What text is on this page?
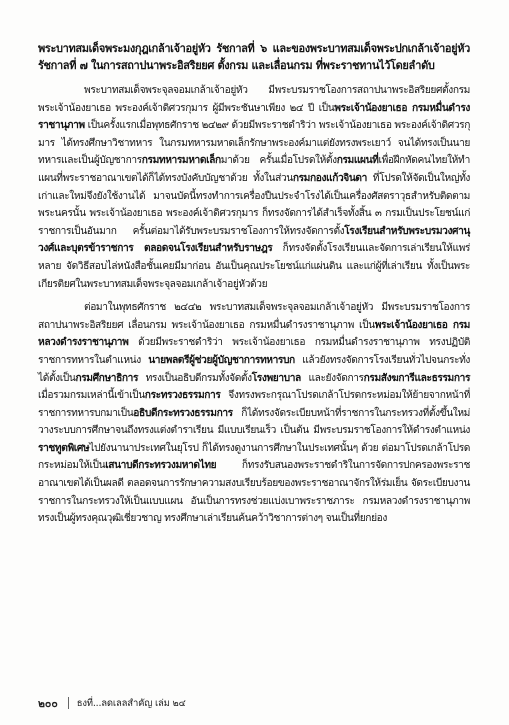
พระบาทสมเด็จพระมงกุฎเกล้าเจ้าอยู่หัว รัชกาลที่ ๖ และของพระบาทสมเด็จพระปกเกล้าเจ้าอยู่หัว รัชกาลที่ ๗ ในการสถาปนาพระอิสริยยศ ตั้งกรม และเลื่อนกรม ที่พระราชทานไว้โดยลำดับ

พระบาทสมเด็จพระจุลจอมเกล้าเจ้าอยู่หัว มีพระบรมราชโองการสถาปนาพระอิสริยยศตั้งกรม พระเจ้าน้องยาเธอ พระองค์เจ้าดิศวรกุมาร ผู้มีพระชันษาเพียง ๒๔ ปี เป็นพระเจ้าน้องยาเธอ กรมหมื่นดำรงราชานุภาพ เป็นครั้งแรกเมื่อพุทธศักราช ๒๔๒๙ ด้วยมีพระราชดำริว่า พระเจ้าน้องยาเธอ พระองค์เจ้าดิศวรกุมาร ได้ทรงศึกษาวิชาทหาร ในกรมทหารมหาดเล็กรักษาพระองค์มาแต่ยังทรงพระเยาว์ จนได้ทรงเป็นนายทหารและเป็นผู้บัญชาการกรมทหารมหาดเล็กมาด้วย ครั้นเมื่อโปรดให้ตั้งกรมแผนที่เพื่อฝึกหัดคนไทยให้ทำแผนที่พระราชอาณาเขตได้ก็ได้ทรงบังคับบัญชาด้วย ทั้งในส่วนกรมกองแก้วจินดา ที่โปรดให้จัดเป็นใหญ่ทั้งเก่าและใหม่จึงยังใช้งานได้ มาจนบัดนี้ทรงทำการเครื่องปืนประจำโรงได้เป็นเครื่องศัสตราวุธสำหรับติดตามพระนครนั้น พระเจ้าน้องยาเธอ พระองค์เจ้าดิศวรกุมาร ก็ทรงจัดการได้สำเร็จทั้งสิ้น ๓ กรมเป็นประโยชน์แก่ราชการเป็นอันมาก ครั้นต่อมาได้รับพระบรมราชโองการให้ทรงจัดการตั้งโรงเรียนสำหรับพระบรมวงศานุวงศ์และบุตรข้าราชการ ตลอดจนโรงเรียนสำหรับราษฎร ก็ทรงจัดตั้งโรงเรียนและจัดการเล่าเรียนให้แพร่หลาย จัดวิธีสอบไล่หนังสือชั้นเคยมีมาก่อน อันเป็นคุณประโยชน์แก่แผ่นดิน และแก่ผู้ที่เล่าเรียน ทั้งเป็นพระเกียรติยศในพระบาทสมเด็จพระจุลจอมเกล้าเจ้าอยู่หัวด้วย

ต่อมาในพุทธศักราช ๒๔๔๒ พระบาทสมเด็จพระจุลจอมเกล้าเจ้าอยู่หัว มีพระบรมราชโองการสถาปนาพระอิสริยยศ เลื่อนกรม พระเจ้าน้องยาเธอ กรมหมื่นดำรงราชานุภาพ เป็นพระเจ้าน้องยาเธอ กรมหลวงดำรงราชานุภาพ ด้วยมีพระราชดำริว่า พระเจ้าน้องยาเธอ กรมหมื่นดำรงราชานุภาพ ทรงปฏิบัติราชการทหารในตำแหน่ง นายพลตรีผู้ช่วยผู้บัญชาการทหารบก แล้วยังทรงจัดการโรงเรียนทั่วไปจนกระทั่งได้ตั้งเป็นกรมศึกษาธิการ ทรงเป็นอธิบดีกรมทั้งจัดตั้งโรงพยาบาล และยังจัดการกรมสังฆการีและธรรมการ เมื่อรวมกรมเหล่านี้เข้าเป็นกระทรวงธรรมการ จึงทรงพระกรุณาโปรดเกล้าโปรดกระหม่อมให้ย้ายจากหน้าที่ราชการทหารบกมาเป็นอธิบดีกระทรวงธรรมการ ก็ได้ทรงจัดระเบียบหน้าที่ราชการในกระทรวงที่ตั้งขึ้นใหม่ วางระบบการศึกษาจนถึงทรงแต่งตำราเรียน มีแบบเรียนเร็ว เป็นต้น มีพระบรมราชโองการให้ดำรงตำแหน่งราชทูตพิเศษไปยังนานาประเทศในยุโรป ก็ได้ทรงดูงานการศึกษาในประเทศนั้นๆ ด้วย ต่อมาโปรดเกล้าโปรดกระหม่อมให้เป็นเสนาบดีกระทรวงมหาดไทย ก็ทรงรับสนองพระราชดำริในการจัดการปกครองพระราชอาณาเขตได้เป็นผลดี ตลอดจนการรักษาความสงบเรียบร้อยของพระราชอาณาจักรให้ร่มเย็น จัดระเบียบงานราชการในกระทรวงให้เป็นแบบแผน อันเป็นการทรงช่วยแบ่งเบาพระราชภาระ กรมหลวงดำรงราชานุภาพ ทรงเป็นผู้ทรงคุณวุฒิเชี่ยวชาญ ทรงศึกษาเล่าเรียนค้นคว้าวิชาการต่างๆ จนเป็นที่ยกย่อง

๒๐๐ ธงที่...ลดเลลสำคัญ เล่ม ๒๔
